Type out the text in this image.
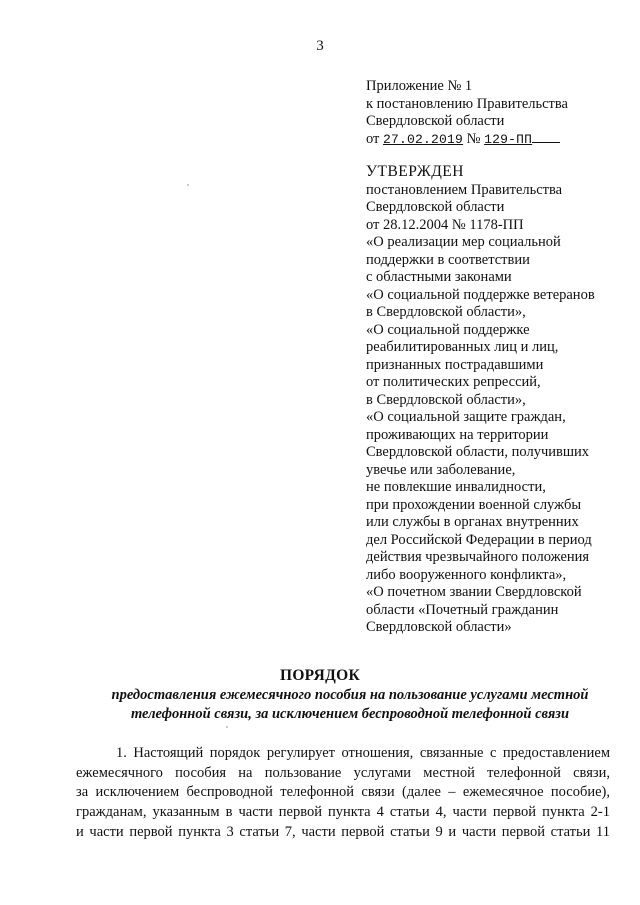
3
Приложение № 1
к постановлению Правительства
Свердловской области
от 27.02.2019 № 129-ПП
УТВЕРЖДЕН
постановлением Правительства
Свердловской области
от 28.12.2004 № 1178-ПП
«О реализации мер социальной
поддержки в соответствии
с областными законами
«О социальной поддержке ветеранов
в Свердловской области»,
«О социальной поддержке
реабилитированных лиц и лиц,
признанных пострадавшими
от политических репрессий,
в Свердловской области»,
«О социальной защите граждан,
проживающих на территории
Свердловской области, получивших
увечье или заболевание,
не повлекшие инвалидности,
при прохождении военной службы
или службы в органах внутренних
дел Российской Федерации в период
действия чрезвычайного положения
либо вооруженного конфликта»,
«О почетном звании Свердловской
области «Почетный гражданин
Свердловской области»
ПОРЯДОК
предоставления ежемесячного пособия на пользование услугами местной
телефонной связи, за исключением беспроводной телефонной связи
1. Настоящий порядок регулирует отношения, связанные с предоставлением
ежемесячного пособия на пользование услугами местной телефонной связи,
за исключением беспроводной телефонной связи (далее – ежемесячное пособие),
гражданам, указанным в части первой пункта 4 статьи 4, части первой пункта 2-1
и части первой пункта 3 статьи 7, части первой статьи 9 и части первой статьи 11
